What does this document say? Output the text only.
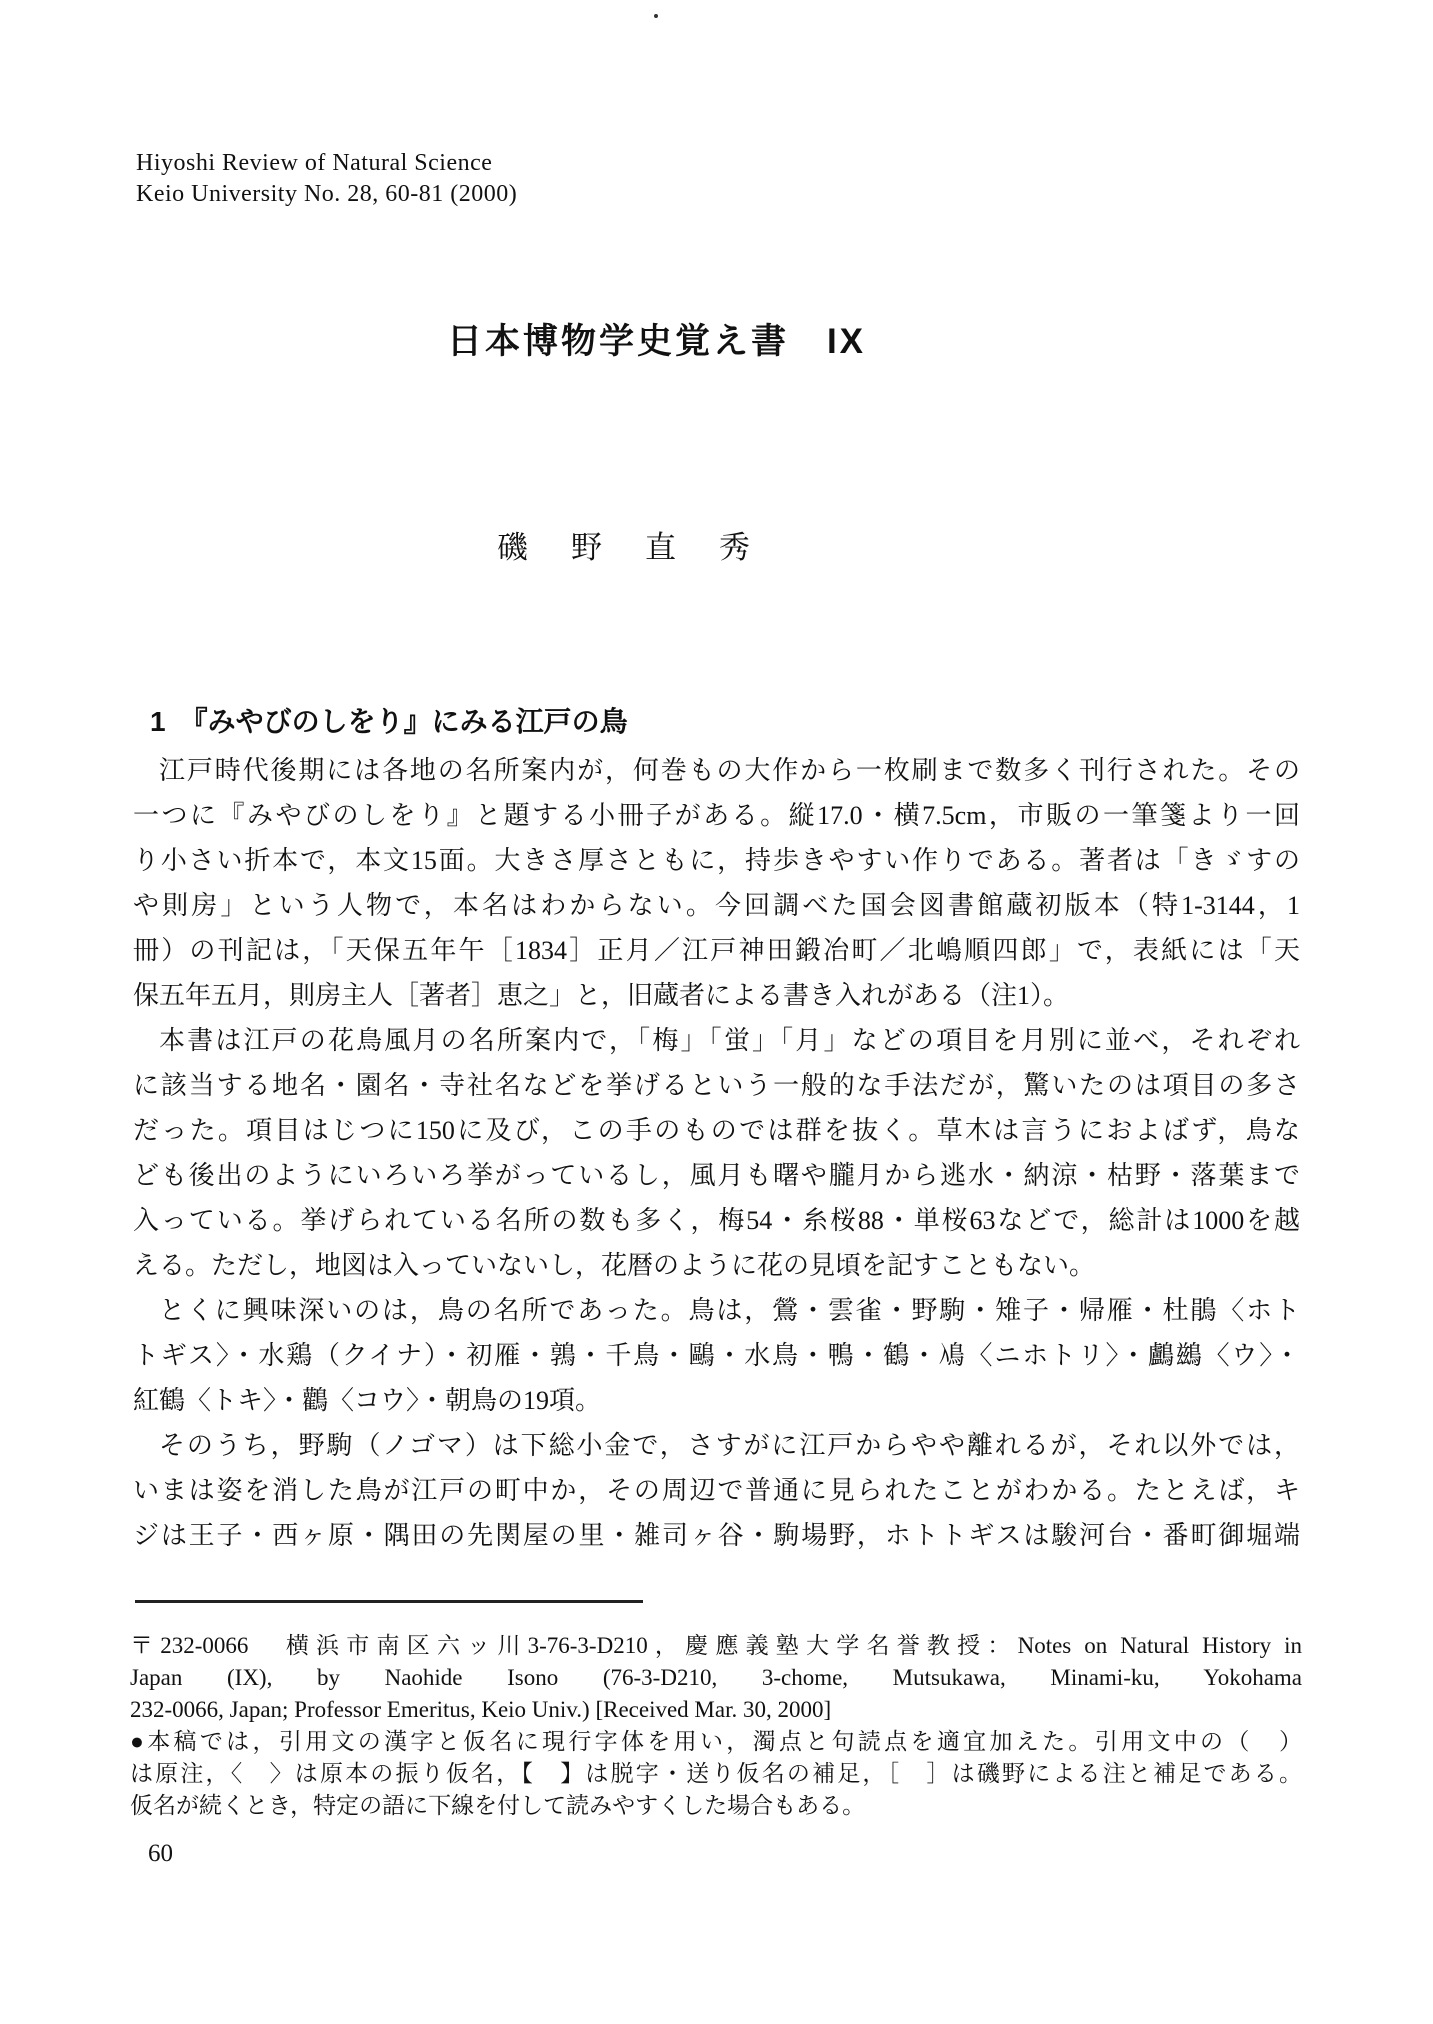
Hiyoshi Review of Natural Science
Keio University No. 28, 60-81 (2000)
日本博物学史覚え書　IX
磯　野　直　秀
1　『みやびのしをり』にみる江戸の鳥
江戸時代後期には各地の名所案内が，何巻もの大作から一枚刷まで数多く刊行された。その
一つに『みやびのしをり』と題する小冊子がある。縦17.0・横7.5cm，市販の一筆箋より一回
り小さい折本で，本文15面。大きさ厚さともに，持歩きやすい作りである。著者は「きゞすの
や則房」という人物で，本名はわからない。今回調べた国会図書館蔵初版本（特1-3144，1
冊）の刊記は，「天保五年午［1834］正月／江戸神田鍛冶町／北嶋順四郎」で，表紙には「天
保五年五月，則房主人［著者］恵之」と，旧蔵者による書き入れがある（注1）。
本書は江戸の花鳥風月の名所案内で，「梅」「蛍」「月」などの項目を月別に並べ，それぞれ
に該当する地名・園名・寺社名などを挙げるという一般的な手法だが，驚いたのは項目の多さ
だった。項目はじつに150に及び，この手のものでは群を抜く。草木は言うにおよばず，鳥な
ども後出のようにいろいろ挙がっているし，風月も曙や朧月から逃水・納涼・枯野・落葉まで
入っている。挙げられている名所の数も多く，梅54・糸桜88・単桜63などで，総計は1000を越
える。ただし，地図は入っていないし，花暦のように花の見頃を記すこともない。
とくに興味深いのは，鳥の名所であった。鳥は，鶯・雲雀・野駒・雉子・帰雁・杜鵑〈ホト
トギス〉・水鶏（クイナ）・初雁・鶉・千鳥・鷗・水鳥・鴨・鶴・鳰〈ニホトリ〉・鸕鷀〈ウ〉・
紅鶴〈トキ〉・鸛〈コウ〉・朝鳥の19項。
そのうち，野駒（ノゴマ）は下総小金で，さすがに江戸からやや離れるが，それ以外では，
いまは姿を消した鳥が江戸の町中か，その周辺で普通に見られたことがわかる。たとえば，キ
ジは王子・西ヶ原・隅田の先関屋の里・雑司ヶ谷・駒場野，ホトトギスは駿河台・番町御堀端
〒232-0066　横浜市南区六ッ川3-76-3-D210，慶應義塾大学名誉教授：Notes on Natural History in
Japan (IX), by Naohide Isono (76-3-D210, 3-chome, Mutsukawa, Minami-ku, Yokohama
232-0066, Japan; Professor Emeritus, Keio Univ.) [Received Mar. 30, 2000]
●本稿では，引用文の漢字と仮名に現行字体を用い，濁点と句読点を適宜加えた。引用文中の（　）
は原注，〈　〉は原本の振り仮名，【　】は脱字・送り仮名の補足，［　］は磯野による注と補足である。
仮名が続くとき，特定の語に下線を付して読みやすくした場合もある。
60
